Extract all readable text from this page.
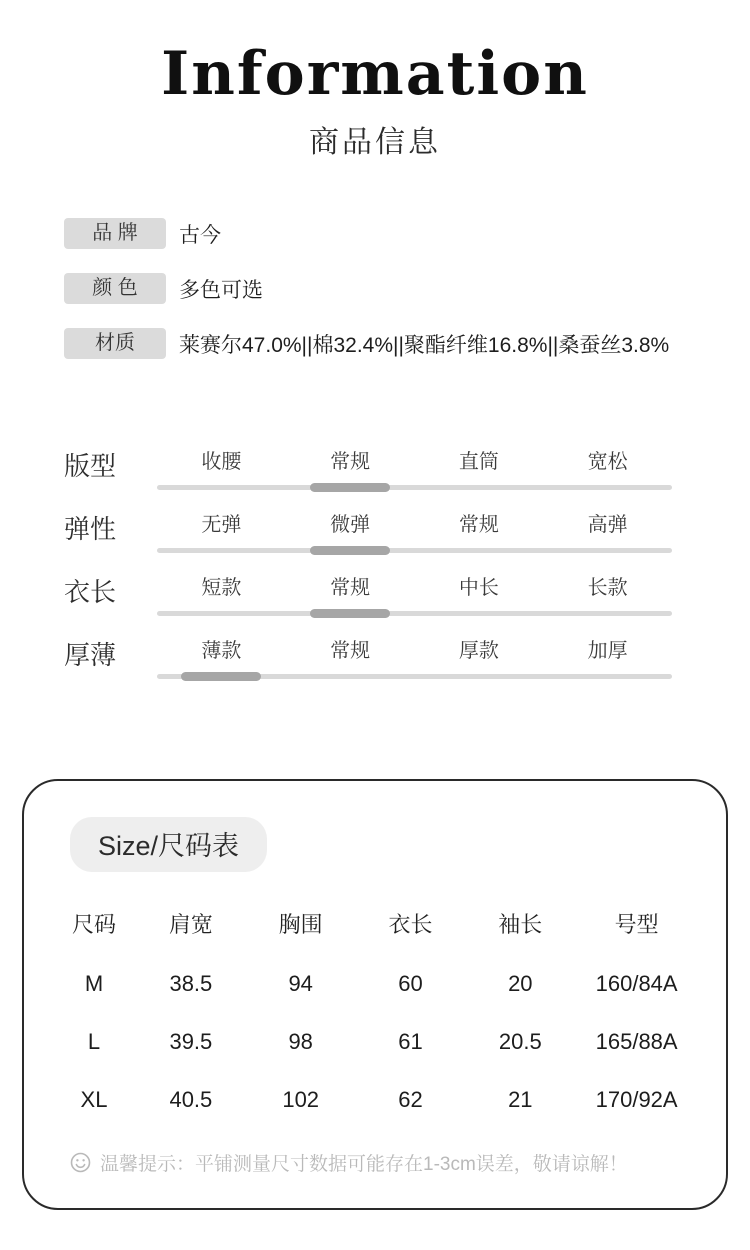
Information
商品信息
品 牌	古今
颜 色	多色可选
材质	莱赛尔47.0%||棉32.4%||聚酯纤维16.8%||桑蚕丝3.8%
版型	收腰	常规	直筒	宽松
弹性	无弹	微弹	常规	高弹
衣长	短款	常规	中长	长款
厚薄	薄款	常规	厚款	加厚
Size/尺码表
尺码	肩宽	胸围	衣长	袖长	号型
M	38.5	94	60	20	160/84A
L	39.5	98	61	20.5	165/88A
XL	40.5	102	62	21	170/92A
温馨提示：平铺测量尺寸数据可能存在1-3cm误差，敬请谅解！
